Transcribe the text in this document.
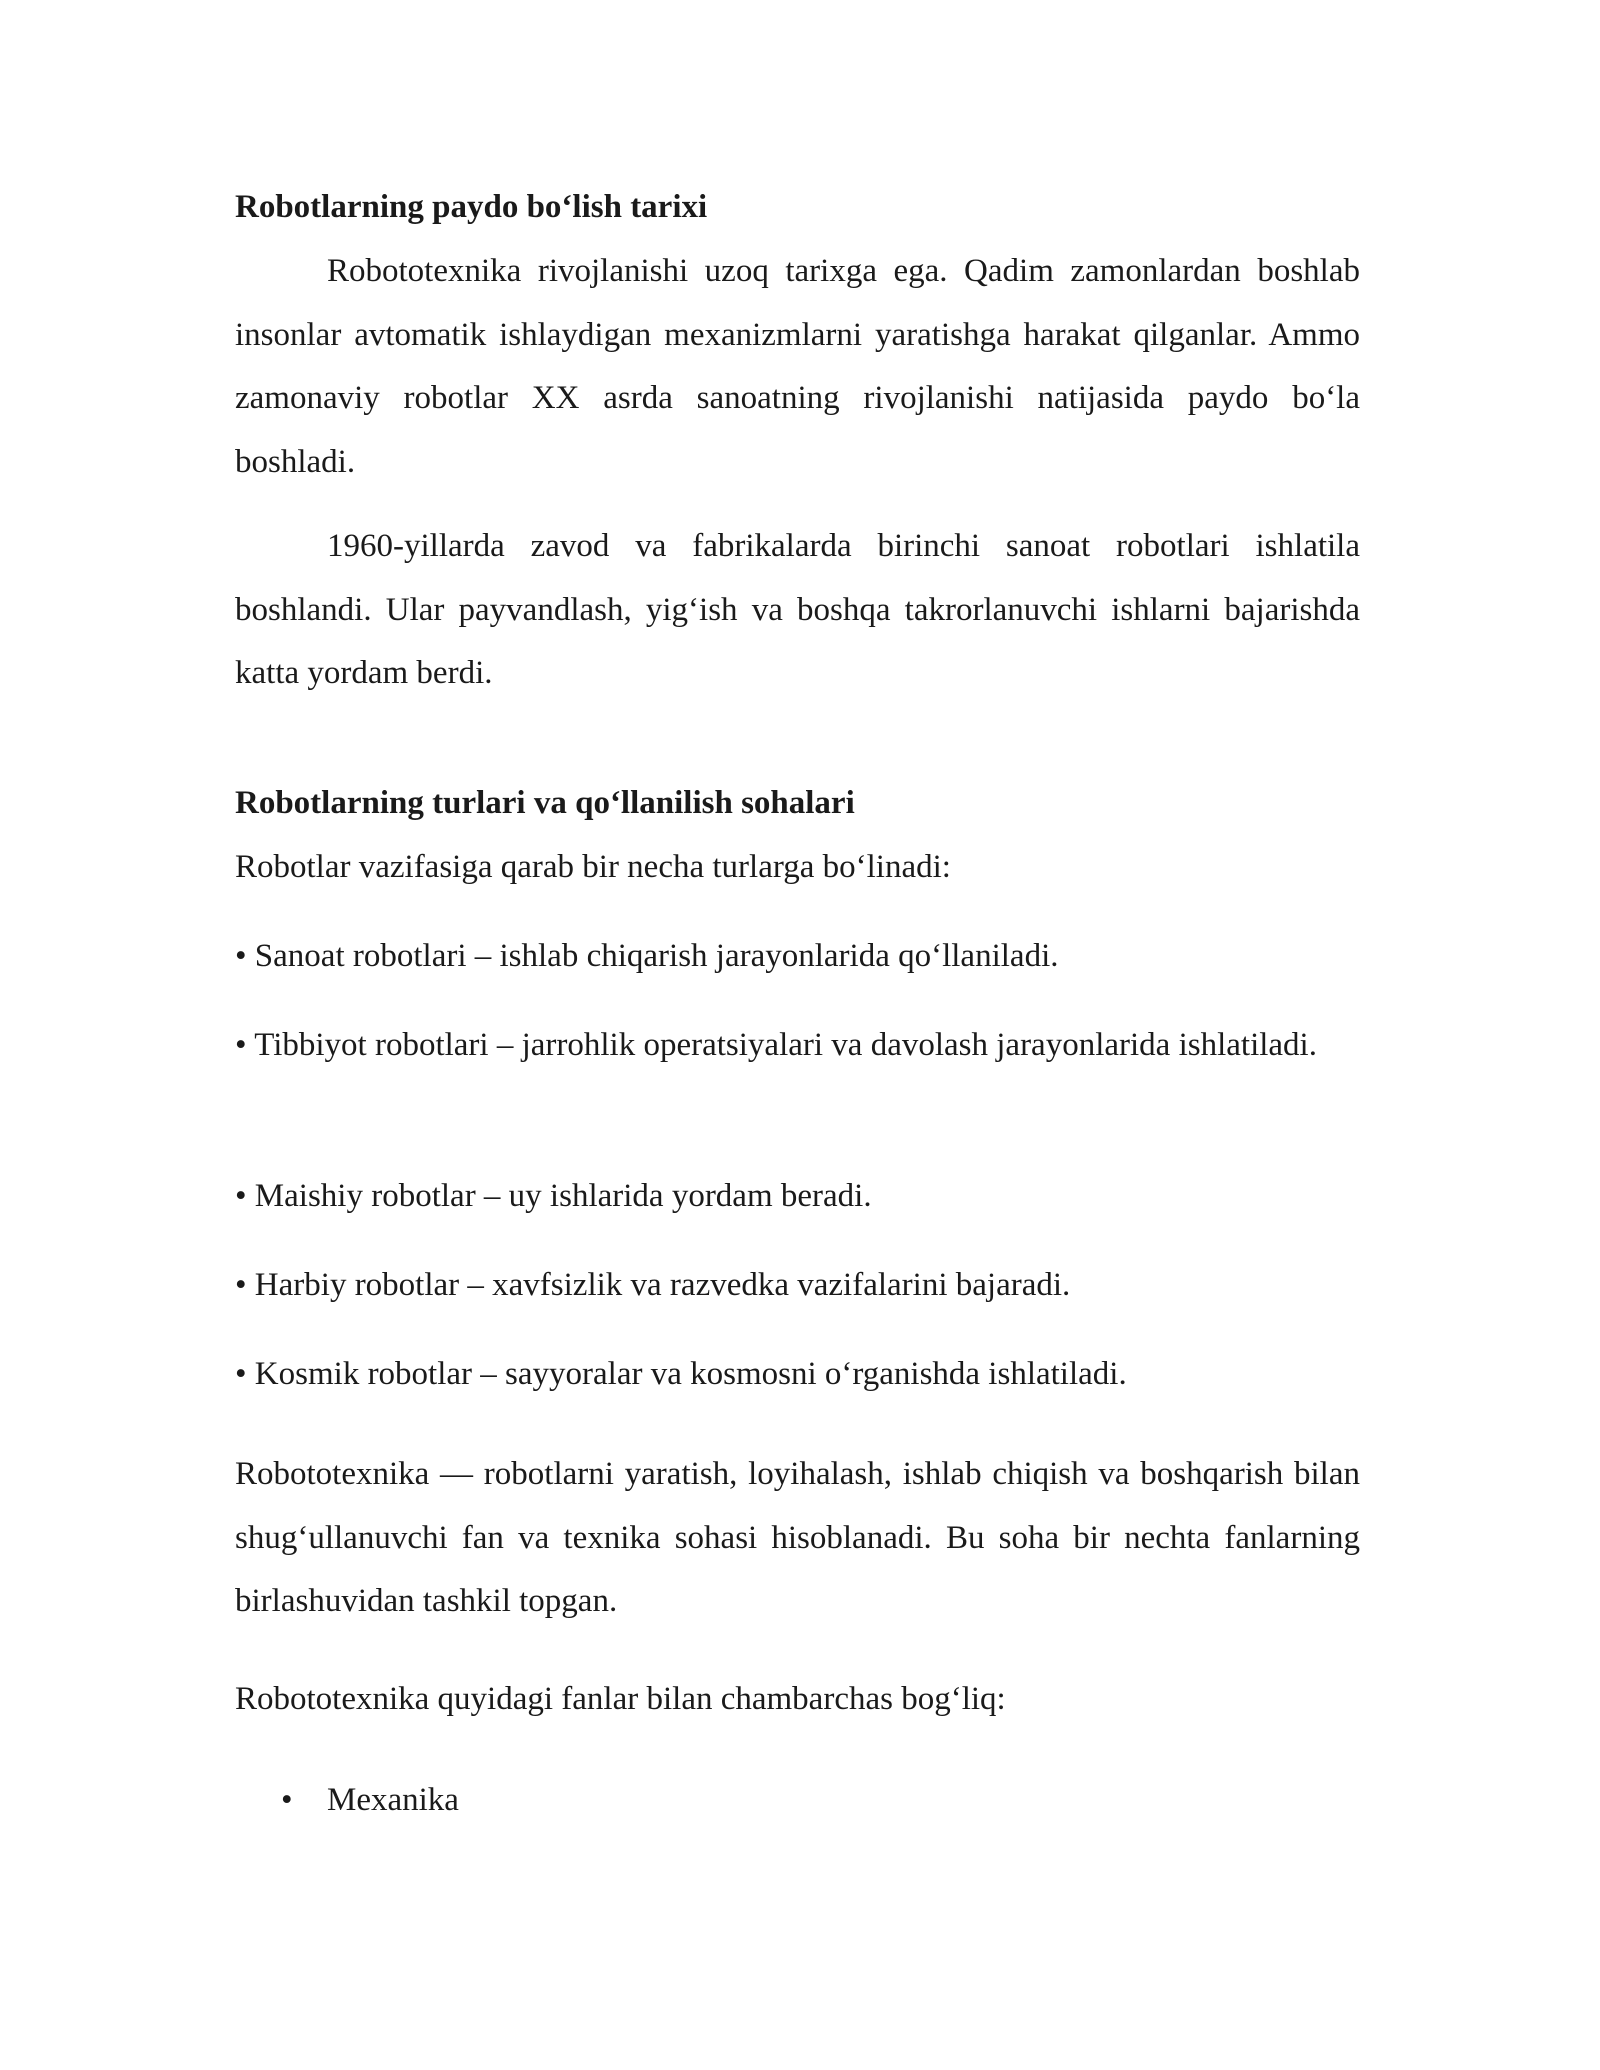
Robotlarning paydo bo‘lish tarixi

Robototexnika rivojlanishi uzoq tarixga ega. Qadim zamonlardan boshlab insonlar avtomatik ishlaydigan mexanizmlarni yaratishga harakat qilganlar. Ammo zamonaviy robotlar XX asrda sanoatning rivojlanishi natijasida paydo bo‘la boshladi.

1960-yillarda zavod va fabrikalarda birinchi sanoat robotlari ishlatila boshlandi. Ular payvandlash, yig‘ish va boshqa takrorlanuvchi ishlarni bajarishda katta yordam berdi.

Robotlarning turlari va qo‘llanilish sohalari

Robotlar vazifasiga qarab bir necha turlarga bo‘linadi:

• Sanoat robotlari – ishlab chiqarish jarayonlarida qo‘llaniladi.

• Tibbiyot robotlari – jarrohlik operatsiyalari va davolash jarayonlarida ishlatiladi.

• Maishiy robotlar – uy ishlarida yordam beradi.

• Harbiy robotlar – xavfsizlik va razvedka vazifalarini bajaradi.

• Kosmik robotlar – sayyoralar va kosmosni o‘rganishda ishlatiladi.

Robototexnika — robotlarni yaratish, loyihalash, ishlab chiqish va boshqarish bilan shug‘ullanuvchi fan va texnika sohasi hisoblanadi. Bu soha bir nechta fanlarning birlashuvidan tashkil topgan.

Robototexnika quyidagi fanlar bilan chambarchas bog‘liq:

• Mexanika
